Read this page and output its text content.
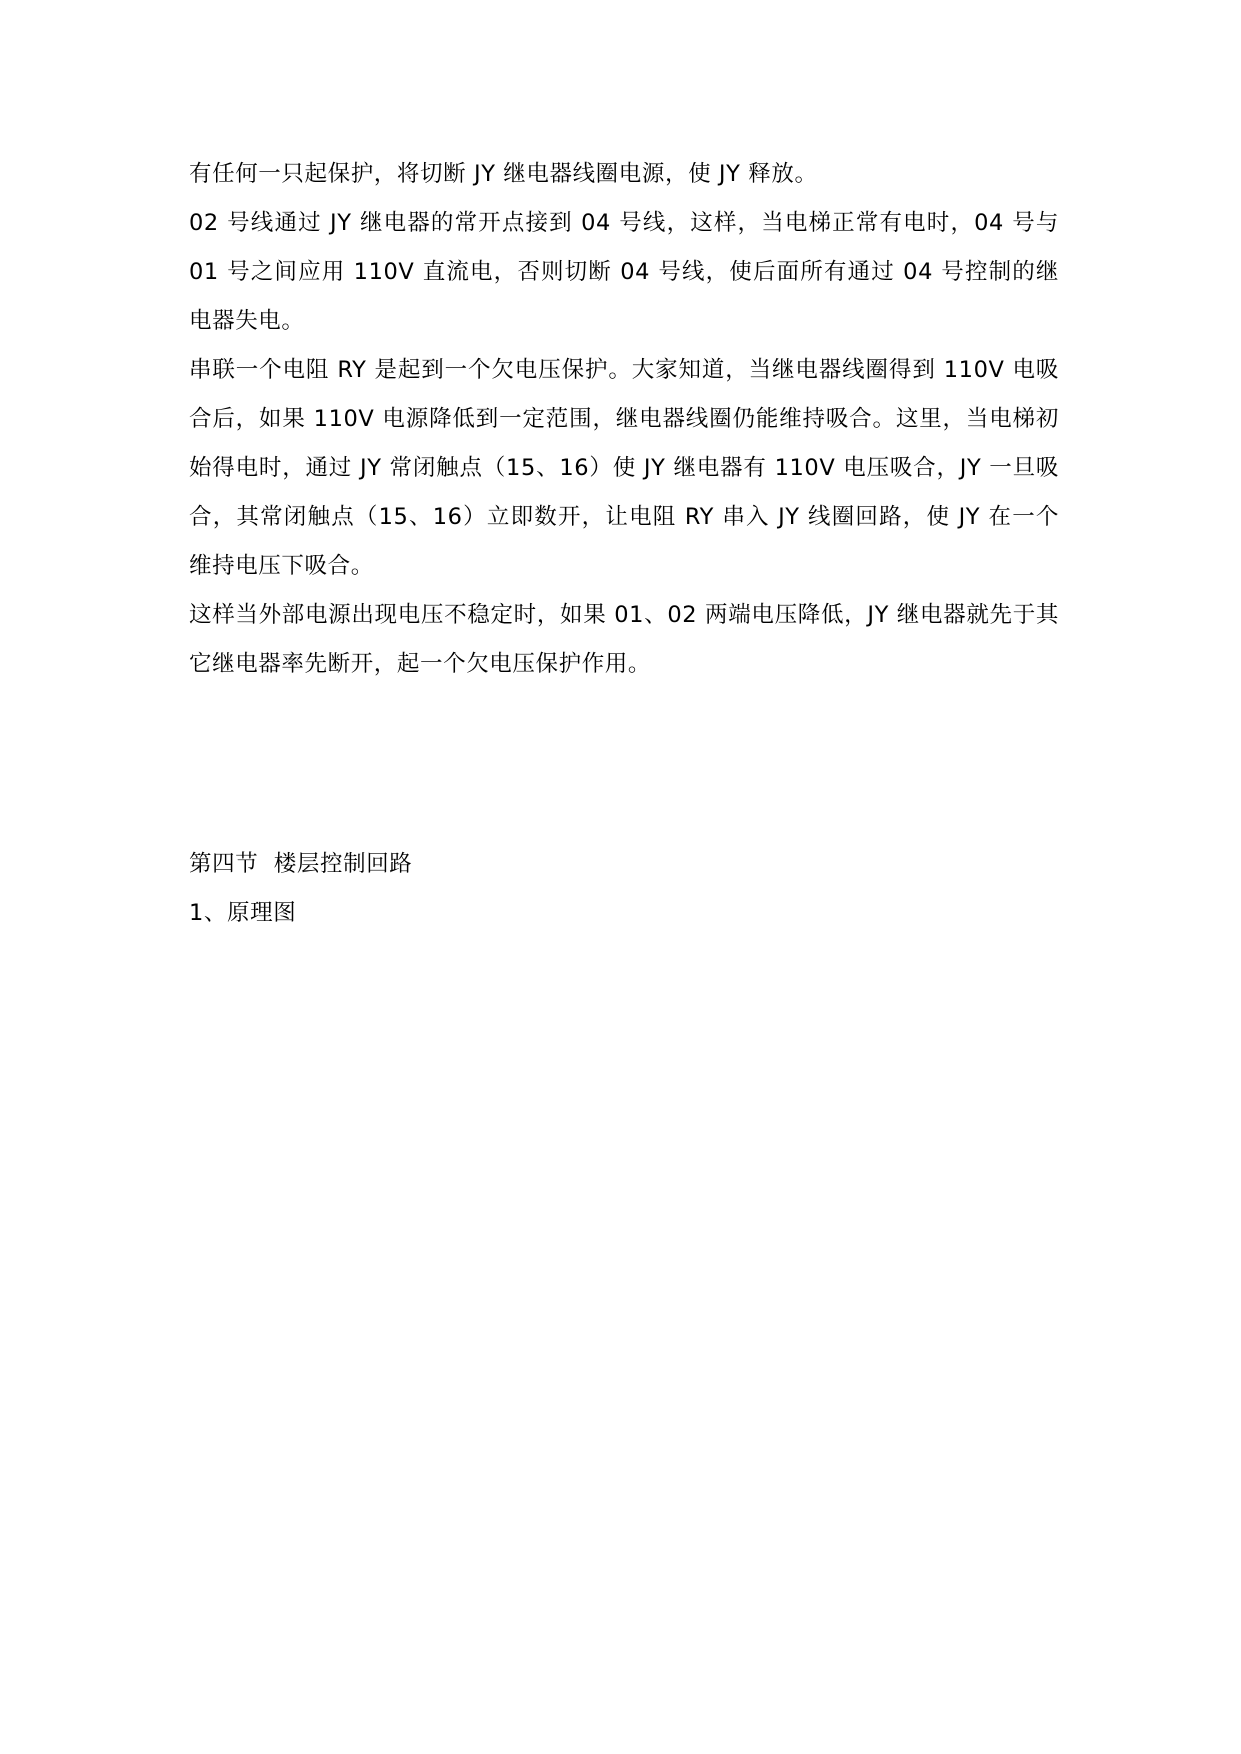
有任何一只起保护，将切断 JY 继电器线圈电源，使 JY 释放。

02 号线通过 JY 继电器的常开点接到 04 号线，这样，当电梯正常有电时，04 号与 01 号之间应用 110V 直流电，否则切断 04 号线，使后面所有通过 04 号控制的继电器失电。

串联一个电阻 RY 是起到一个欠电压保护。大家知道，当继电器线圈得到 110V 电吸合后，如果 110V 电源降低到一定范围，继电器线圈仍能维持吸合。这里，当电梯初始得电时，通过 JY 常闭触点（15、16）使 JY 继电器有 110V 电压吸合，JY 一旦吸合，其常闭触点（15、16）立即数开，让电阻 RY 串入 JY 线圈回路，使 JY 在一个维持电压下吸合。

这样当外部电源出现电压不稳定时，如果 01、02 两端电压降低，JY 继电器就先于其它继电器率先断开，起一个欠电压保护作用。

第四节  楼层控制回路

1、原理图
